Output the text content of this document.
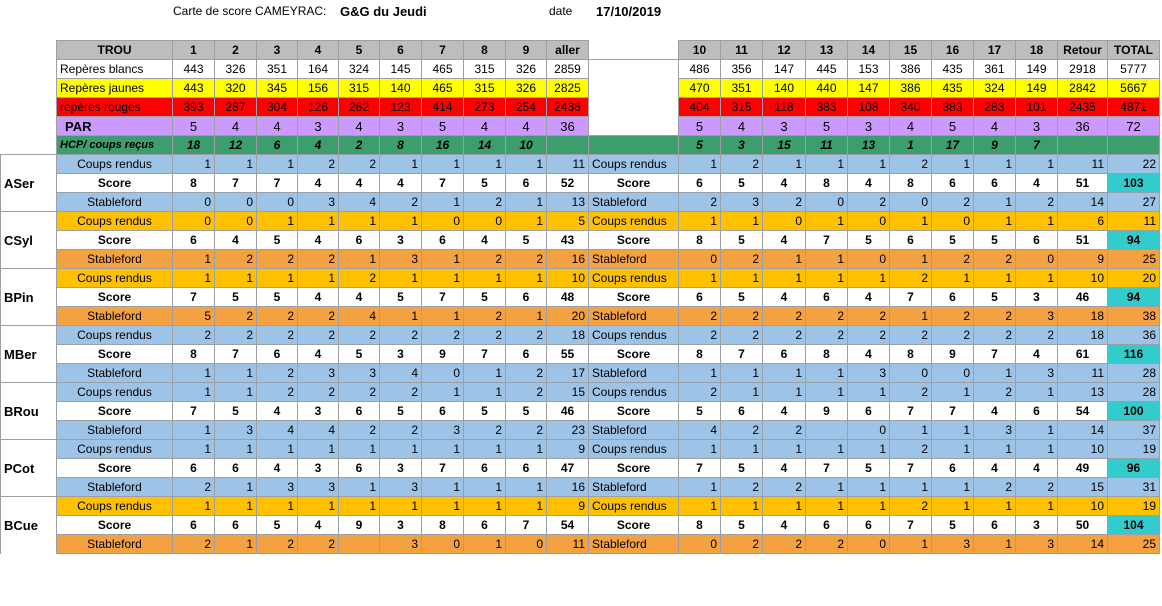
Carte de score CAMEYRAC: G&G du Jeudi	date 17/10/2019
	TROU	1	2	3	4	5	6	7	8	9	aller		10	11	12	13	14	15	16	17	18	Retour	TOTAL
	Repères blancs	443	326	351	164	324	145	465	315	326	2859		486	356	147	445	153	386	435	361	149	2918	5777
	Repères jaunes	443	320	345	156	315	140	465	315	326	2825		470	351	140	440	147	386	435	324	149	2842	5667
	repères rouges	393	287	304	126	262	123	414	273	254	2436		404	315	118	383	108	340	383	283	101	2435	4871
	PAR	5	4	4	3	4	3	5	4	4	36		5	4	3	5	3	4	5	4	3	36	72
	HCP/ coups reçus	18	12	6	4	2	8	16	14	10			5	3	15	11	13	1	17	9	7		
	Coups rendus	1	1	1	2	2	1	1	1	1	11	Coups rendus	1	2	1	1	1	2	1	1	1	11	22
ASer	Score	8	7	7	4	4	4	7	5	6	52	Score	6	5	4	8	4	8	6	6	4	51	103
	Stableford	0	0	0	3	4	2	1	2	1	13	Stableford	2	3	2	0	2	0	2	1	2	14	27
	Coups rendus	0	0	1	1	1	1	0	0	1	5	Coups rendus	1	1	0	1	0	1	0	1	1	6	11
CSyl	Score	6	4	5	4	6	3	6	4	5	43	Score	8	5	4	7	5	6	5	5	6	51	94
	Stableford	1	2	2	2	1	3	1	2	2	16	Stableford	0	2	1	1	0	1	2	2	0	9	25
	Coups rendus	1	1	1	1	2	1	1	1	1	10	Coups rendus	1	1	1	1	1	2	1	1	1	10	20
BPin	Score	7	5	5	4	4	5	7	5	6	48	Score	6	5	4	6	4	7	6	5	3	46	94
	Stableford	5	2	2	2	4	1	1	2	1	20	Stableford	2	2	2	2	2	1	2	2	3	18	38
	Coups rendus	2	2	2	2	2	2	2	2	2	18	Coups rendus	2	2	2	2	2	2	2	2	2	18	36
MBer	Score	8	7	6	4	5	3	9	7	6	55	Score	8	7	6	8	4	8	9	7	4	61	116
	Stableford	1	1	2	3	3	4	0	1	2	17	Stableford	1	1	1	1	3	0	0	1	3	11	28
	Coups rendus	1	1	2	2	2	2	1	1	2	15	Coups rendus	2	1	1	1	1	2	1	2	1	13	28
BRou	Score	7	5	4	3	6	5	6	5	5	46	Score	5	6	4	9	6	7	7	4	6	54	100
	Stableford	1	3	4	4	2	2	3	2	2	23	Stableford	4	2	2		0	1	1	3	1	14	37
	Coups rendus	1	1	1	1	1	1	1	1	1	9	Coups rendus	1	1	1	1	1	2	1	1	1	10	19
PCot	Score	6	6	4	3	6	3	7	6	6	47	Score	7	5	4	7	5	7	6	4	4	49	96
	Stableford	2	1	3	3	1	3	1	1	1	16	Stableford	1	2	2	1	1	1	1	2	2	15	31
	Coups rendus	1	1	1	1	1	1	1	1	1	9	Coups rendus	1	1	1	1	1	2	1	1	1	10	19
BCue	Score	6	6	5	4	9	3	8	6	7	54	Score	8	5	4	6	6	7	5	6	3	50	104
	Stableford	2	1	2	2		3	0	1	0	11	Stableford	0	2	2	2	0	1	3	1	3	14	25
